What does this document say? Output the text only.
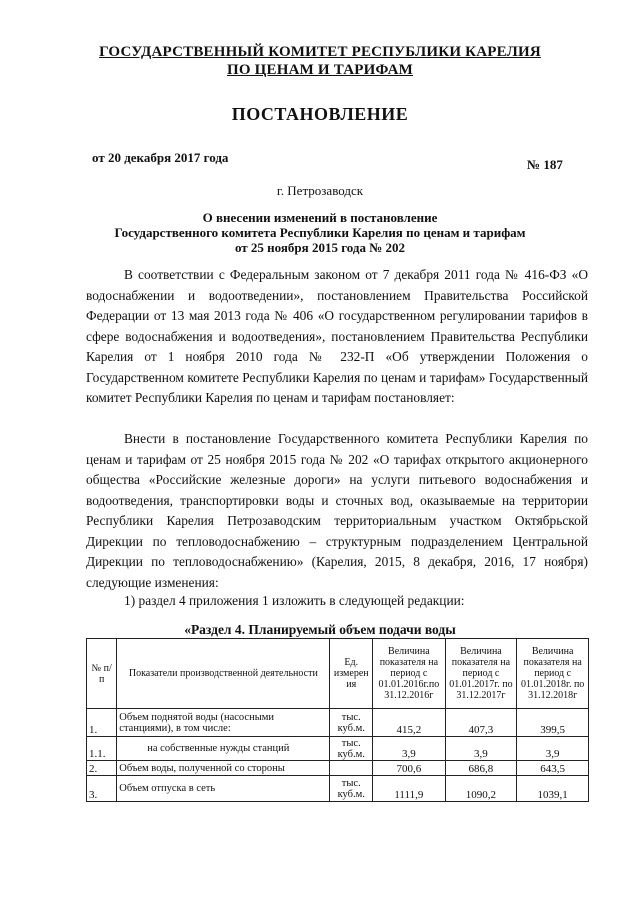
ГОСУДАРСТВЕННЫЙ КОМИТЕТ РЕСПУБЛИКИ КАРЕЛИЯ
ПО ЦЕНАМ И ТАРИФАМ
ПОСТАНОВЛЕНИЕ
от 20 декабря 2017 года	№ 187
г. Петрозаводск
О внесении изменений в постановление
Государственного комитета Республики Карелия по ценам и тарифам
от 25 ноября 2015 года № 202
В соответствии с Федеральным законом от 7 декабря 2011 года № 416-ФЗ «О водоснабжении и водоотведении», постановлением Правительства Российской Федерации от 13 мая 2013 года № 406 «О государственном регулировании тарифов в сфере водоснабжения и водоотведения», постановлением Правительства Республики Карелия от 1 ноября 2010 года № 232-П «Об утверждении Положения о Государственном комитете Республики Карелия по ценам и тарифам» Государственный комитет Республики Карелия по ценам и тарифам постановляет:
Внести в постановление Государственного комитета Республики Карелия по ценам и тарифам от 25 ноября 2015 года № 202 «О тарифах открытого акционерного общества «Российские железные дороги» на услуги питьевого водоснабжения и водоотведения, транспортировки воды и сточных вод, оказываемые на территории Республики Карелия Петрозаводским территориальным участком Октябрьской Дирекции по тепловодоснабжению – структурным подразделением Центральной Дирекции по тепловодоснабжению» (Карелия, 2015, 8 декабря, 2016, 17 ноября) следующие изменения:
1) раздел 4 приложения 1 изложить в следующей редакции:
«Раздел 4. Планируемый объем подачи воды
№ п/п	Показатели производственной деятельности	Ед. измерен ия	Величина показателя на период с 01.01.2016г.по 31.12.2016г	Величина показателя на период с 01.01.2017г. по 31.12.2017г	Величина показателя на период с 01.01.2018г. по 31.12.2018г
1.	Объем поднятой воды (насосными станциями), в том числе:	тыс. куб.м.	415,2	407,3	399,5
1.1.	на собственные нужды станций	тыс. куб.м.	3,9	3,9	3,9
2.	Объем воды, полученной со стороны		700,6	686,8	643,5
3.	Объем отпуска в сеть	тыс. куб.м.	1111,9	1090,2	1039,1
